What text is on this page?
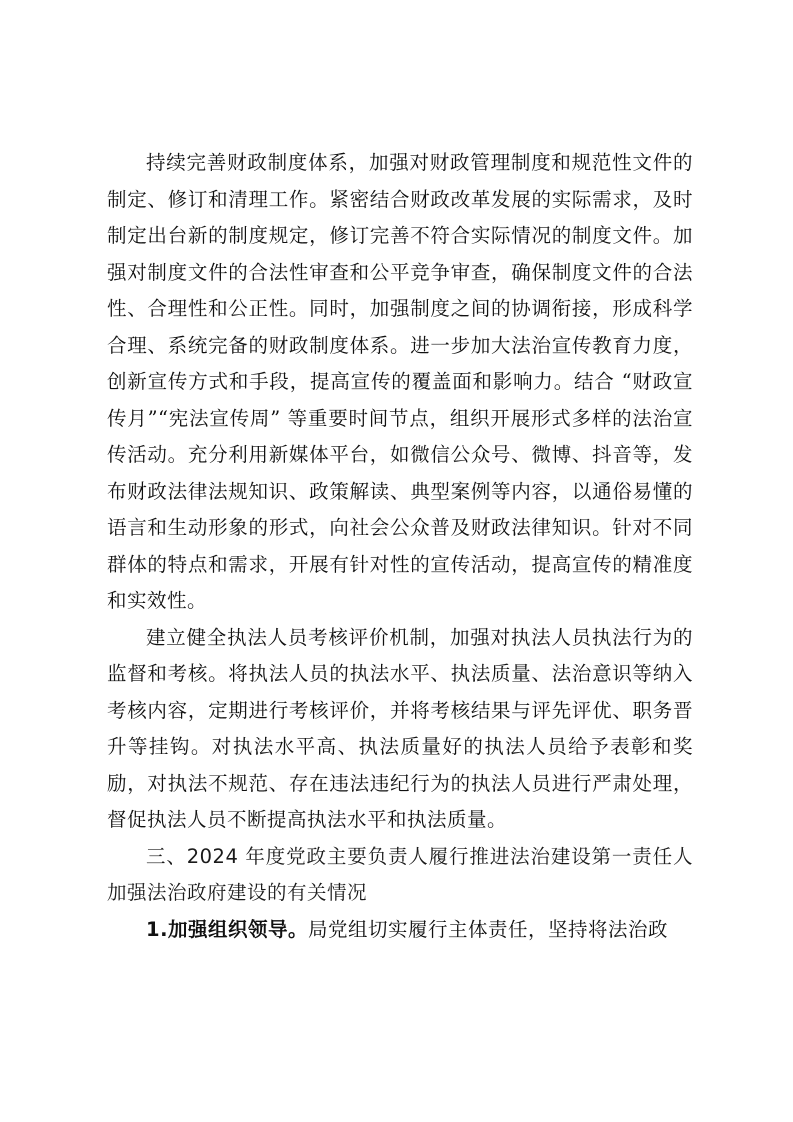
持续完善财政制度体系，加强对财政管理制度和规范性文件的制定、修订和清理工作。紧密结合财政改革发展的实际需求，及时制定出台新的制度规定，修订完善不符合实际情况的制度文件。加强对制度文件的合法性审查和公平竞争审查，确保制度文件的合法性、合理性和公正性。同时，加强制度之间的协调衔接，形成科学合理、系统完备的财政制度体系。进一步加大法治宣传教育力度，创新宣传方式和手段，提高宣传的覆盖面和影响力。结合 “财政宣传月”“宪法宣传周” 等重要时间节点，组织开展形式多样的法治宣传活动。充分利用新媒体平台，如微信公众号、微博、抖音等，发布财政法律法规知识、政策解读、典型案例等内容，以通俗易懂的语言和生动形象的形式，向社会公众普及财政法律知识。针对不同群体的特点和需求，开展有针对性的宣传活动，提高宣传的精准度和实效性。

建立健全执法人员考核评价机制，加强对执法人员执法行为的监督和考核。将执法人员的执法水平、执法质量、法治意识等纳入考核内容，定期进行考核评价，并将考核结果与评先评优、职务晋升等挂钩。对执法水平高、执法质量好的执法人员给予表彰和奖励，对执法不规范、存在违法违纪行为的执法人员进行严肃处理，督促执法人员不断提高执法水平和执法质量。

三、2024 年度党政主要负责人履行推进法治建设第一责任人 加强法治政府建设的有关情况

1.加强组织领导。局党组切实履行主体责任，坚持将法治政
